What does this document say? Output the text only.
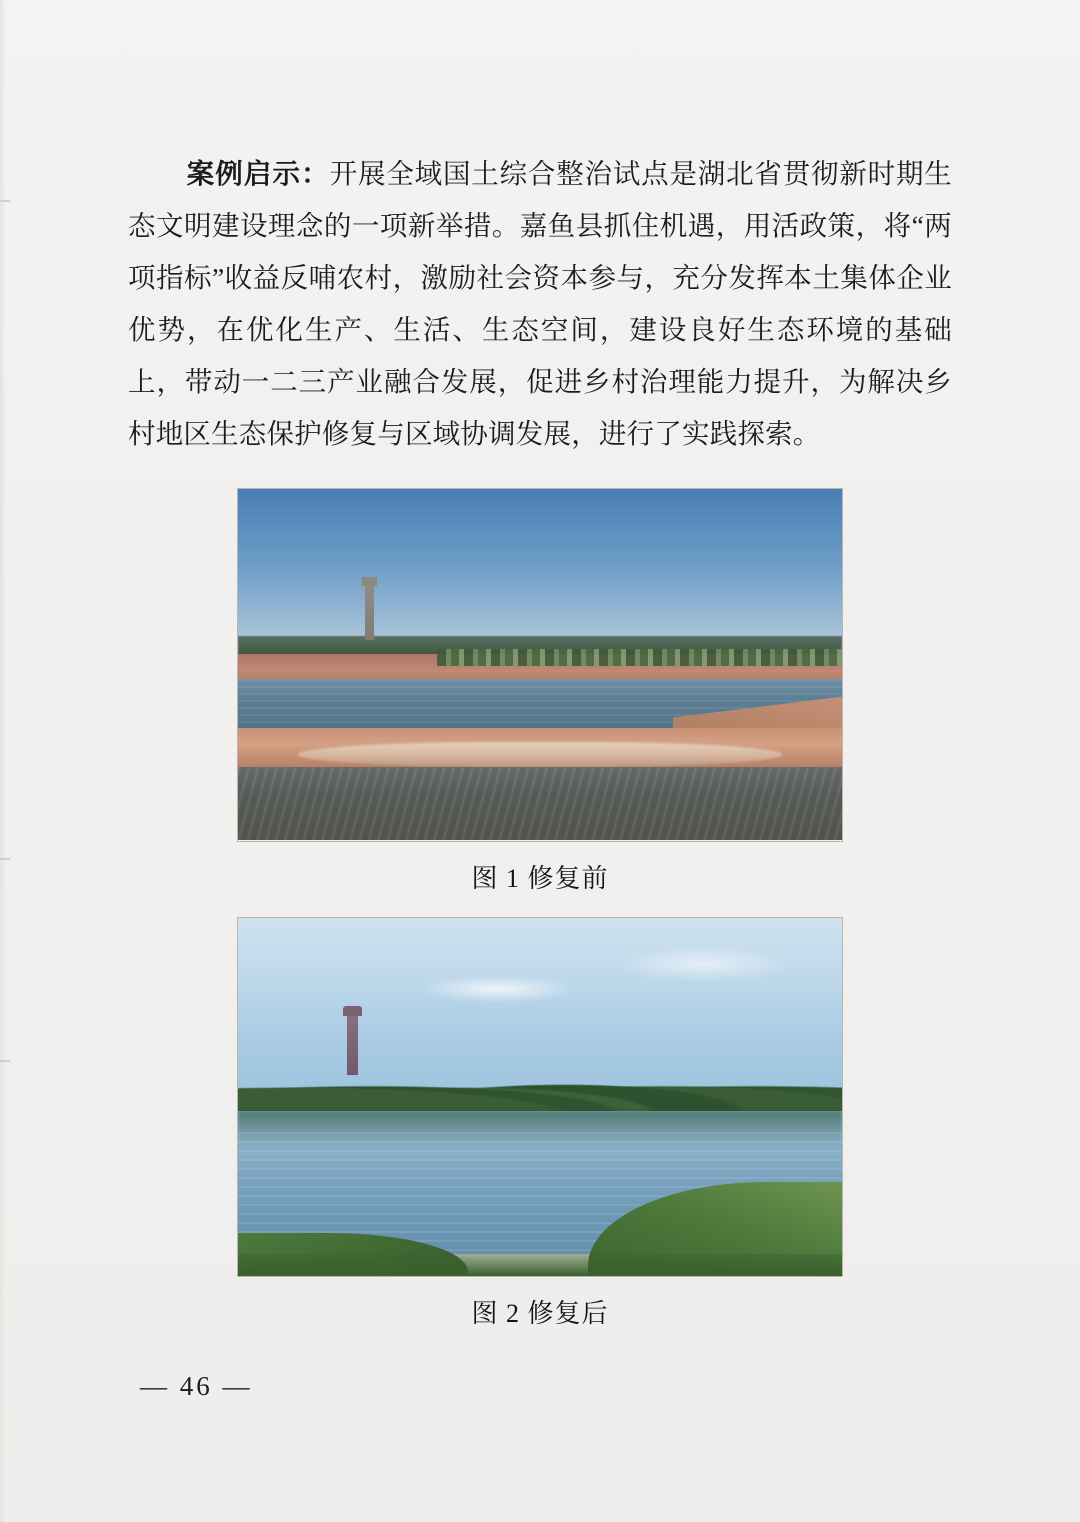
案例启示：开展全域国土综合整治试点是湖北省贯彻新时期生态文明建设理念的一项新举措。嘉鱼县抓住机遇，用活政策，将“两项指标”收益反哺农村，激励社会资本参与，充分发挥本土集体企业优势，在优化生产、生活、生态空间，建设良好生态环境的基础上，带动一二三产业融合发展，促进乡村治理能力提升，为解决乡村地区生态保护修复与区域协调发展，进行了实践探索。

图 1 修复前
图 2 修复后
— 46 —
